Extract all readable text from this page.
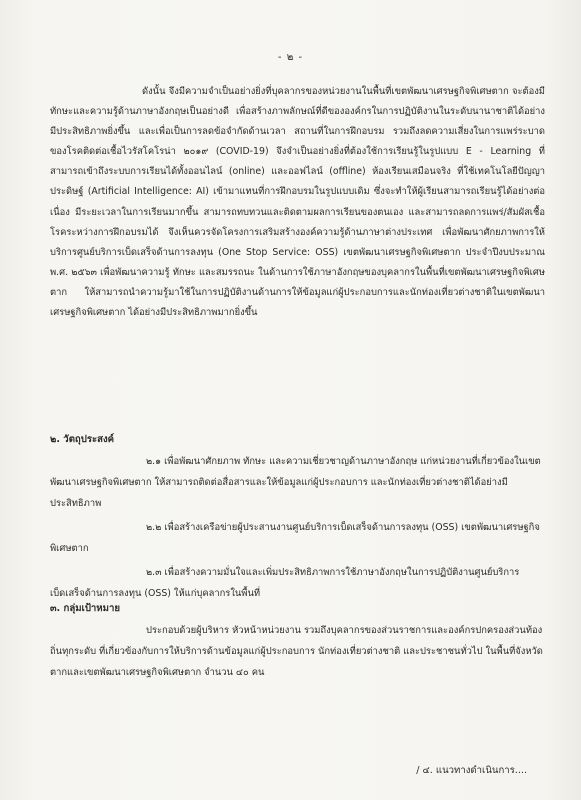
- ๒ -

ดังนั้น จึงมีความจำเป็นอย่างยิ่งที่บุคลากรของหน่วยงานในพื้นที่เขตพัฒนาเศรษฐกิจพิเศษตาก จะต้องมีทักษะและความรู้ด้านภาษาอังกฤษเป็นอย่างดี เพื่อสร้างภาพลักษณ์ที่ดีขององค์กรในการปฏิบัติงานในระดับนานาชาติได้อย่างมีประสิทธิภาพยิ่งขึ้น และเพื่อเป็นการลดข้อจำกัดด้านเวลา สถานที่ในการฝึกอบรม รวมถึงลดความเสี่ยงในการแพร่ระบาดของโรคติดต่อเชื้อไวรัสโคโรน่า ๒๐๑๙ (COVID-19) จึงจำเป็นอย่างยิ่งที่ต้องใช้การเรียนรู้ในรูปแบบ E - Learning ที่สามารถเข้าถึงระบบการเรียนได้ทั้งออนไลน์ (online) และออฟไลน์ (offline) ห้องเรียนเสมือนจริง ที่ใช้เทคโนโลยีปัญญาประดิษฐ์ (Artificial Intelligence: AI) เข้ามาแทนที่การฝึกอบรมในรูปแบบเดิม ซึ่งจะทำให้ผู้เรียนสามารถเรียนรู้ได้อย่างต่อเนื่อง มีระยะเวลาในการเรียนมากขึ้น สามารถทบทวนและติดตามผลการเรียนของตนเอง และสามารถลดการแพร่/สัมผัสเชื้อโรคระหว่างการฝึกอบรมได้ จึงเห็นควรจัดโครงการเสริมสร้างองค์ความรู้ด้านภาษาต่างประเทศ เพื่อพัฒนาศักยภาพการให้บริการศูนย์บริการเบ็ดเสร็จด้านการลงทุน (One Stop Service: OSS) เขตพัฒนาเศรษฐกิจพิเศษตาก ประจำปีงบประมาณ พ.ศ. ๒๕๖๓ เพื่อพัฒนาความรู้ ทักษะ และสมรรถนะ ในด้านการใช้ภาษาอังกฤษของบุคลากรในพื้นที่เขตพัฒนาเศรษฐกิจพิเศษตาก ให้สามารถนำความรู้มาใช้ในการปฏิบัติงานด้านการให้ข้อมูลแก่ผู้ประกอบการและนักท่องเที่ยวต่างชาติในเขตพัฒนาเศรษฐกิจพิเศษตาก ได้อย่างมีประสิทธิภาพมากยิ่งขึ้น

๒. วัตถุประสงค์

๒.๑ เพื่อพัฒนาศักยภาพ ทักษะ และความเชี่ยวชาญด้านภาษาอังกฤษ แก่หน่วยงานที่เกี่ยวข้องในเขตพัฒนาเศรษฐกิจพิเศษตาก ให้สามารถติดต่อสื่อสารและให้ข้อมูลแก่ผู้ประกอบการ และนักท่องเที่ยวต่างชาติได้อย่างมีประสิทธิภาพ

๒.๒ เพื่อสร้างเครือข่ายผู้ประสานงานศูนย์บริการเบ็ดเสร็จด้านการลงทุน (OSS) เขตพัฒนาเศรษฐกิจพิเศษตาก

๒.๓ เพื่อสร้างความมั่นใจและเพิ่มประสิทธิภาพการใช้ภาษาอังกฤษในการปฏิบัติงานศูนย์บริการเบ็ดเสร็จด้านการลงทุน (OSS) ให้แก่บุคลากรในพื้นที่

๓. กลุ่มเป้าหมาย

ประกอบด้วยผู้บริหาร หัวหน้าหน่วยงาน รวมถึงบุคลากรของส่วนราชการและองค์กรปกครองส่วนท้องถิ่นทุกระดับ ที่เกี่ยวข้องกับการให้บริการด้านข้อมูลแก่ผู้ประกอบการ นักท่องเที่ยวต่างชาติ และประชาชนทั่วไป ในพื้นที่จังหวัดตากและเขตพัฒนาเศรษฐกิจพิเศษตาก จำนวน ๔๐ คน

/ ๔. แนวทางดำเนินการ....
